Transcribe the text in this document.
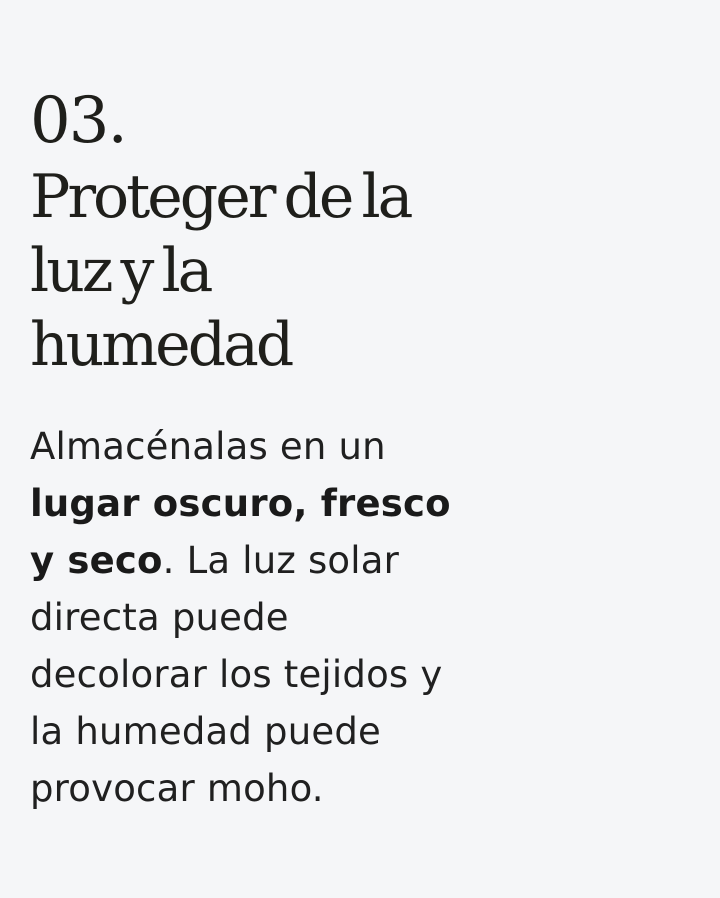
03.
Proteger de la
luz y la
humedad

Almacénalas en un
lugar oscuro, fresco
y seco. La luz solar
directa puede
decolorar los tejidos y
la humedad puede
provocar moho.
